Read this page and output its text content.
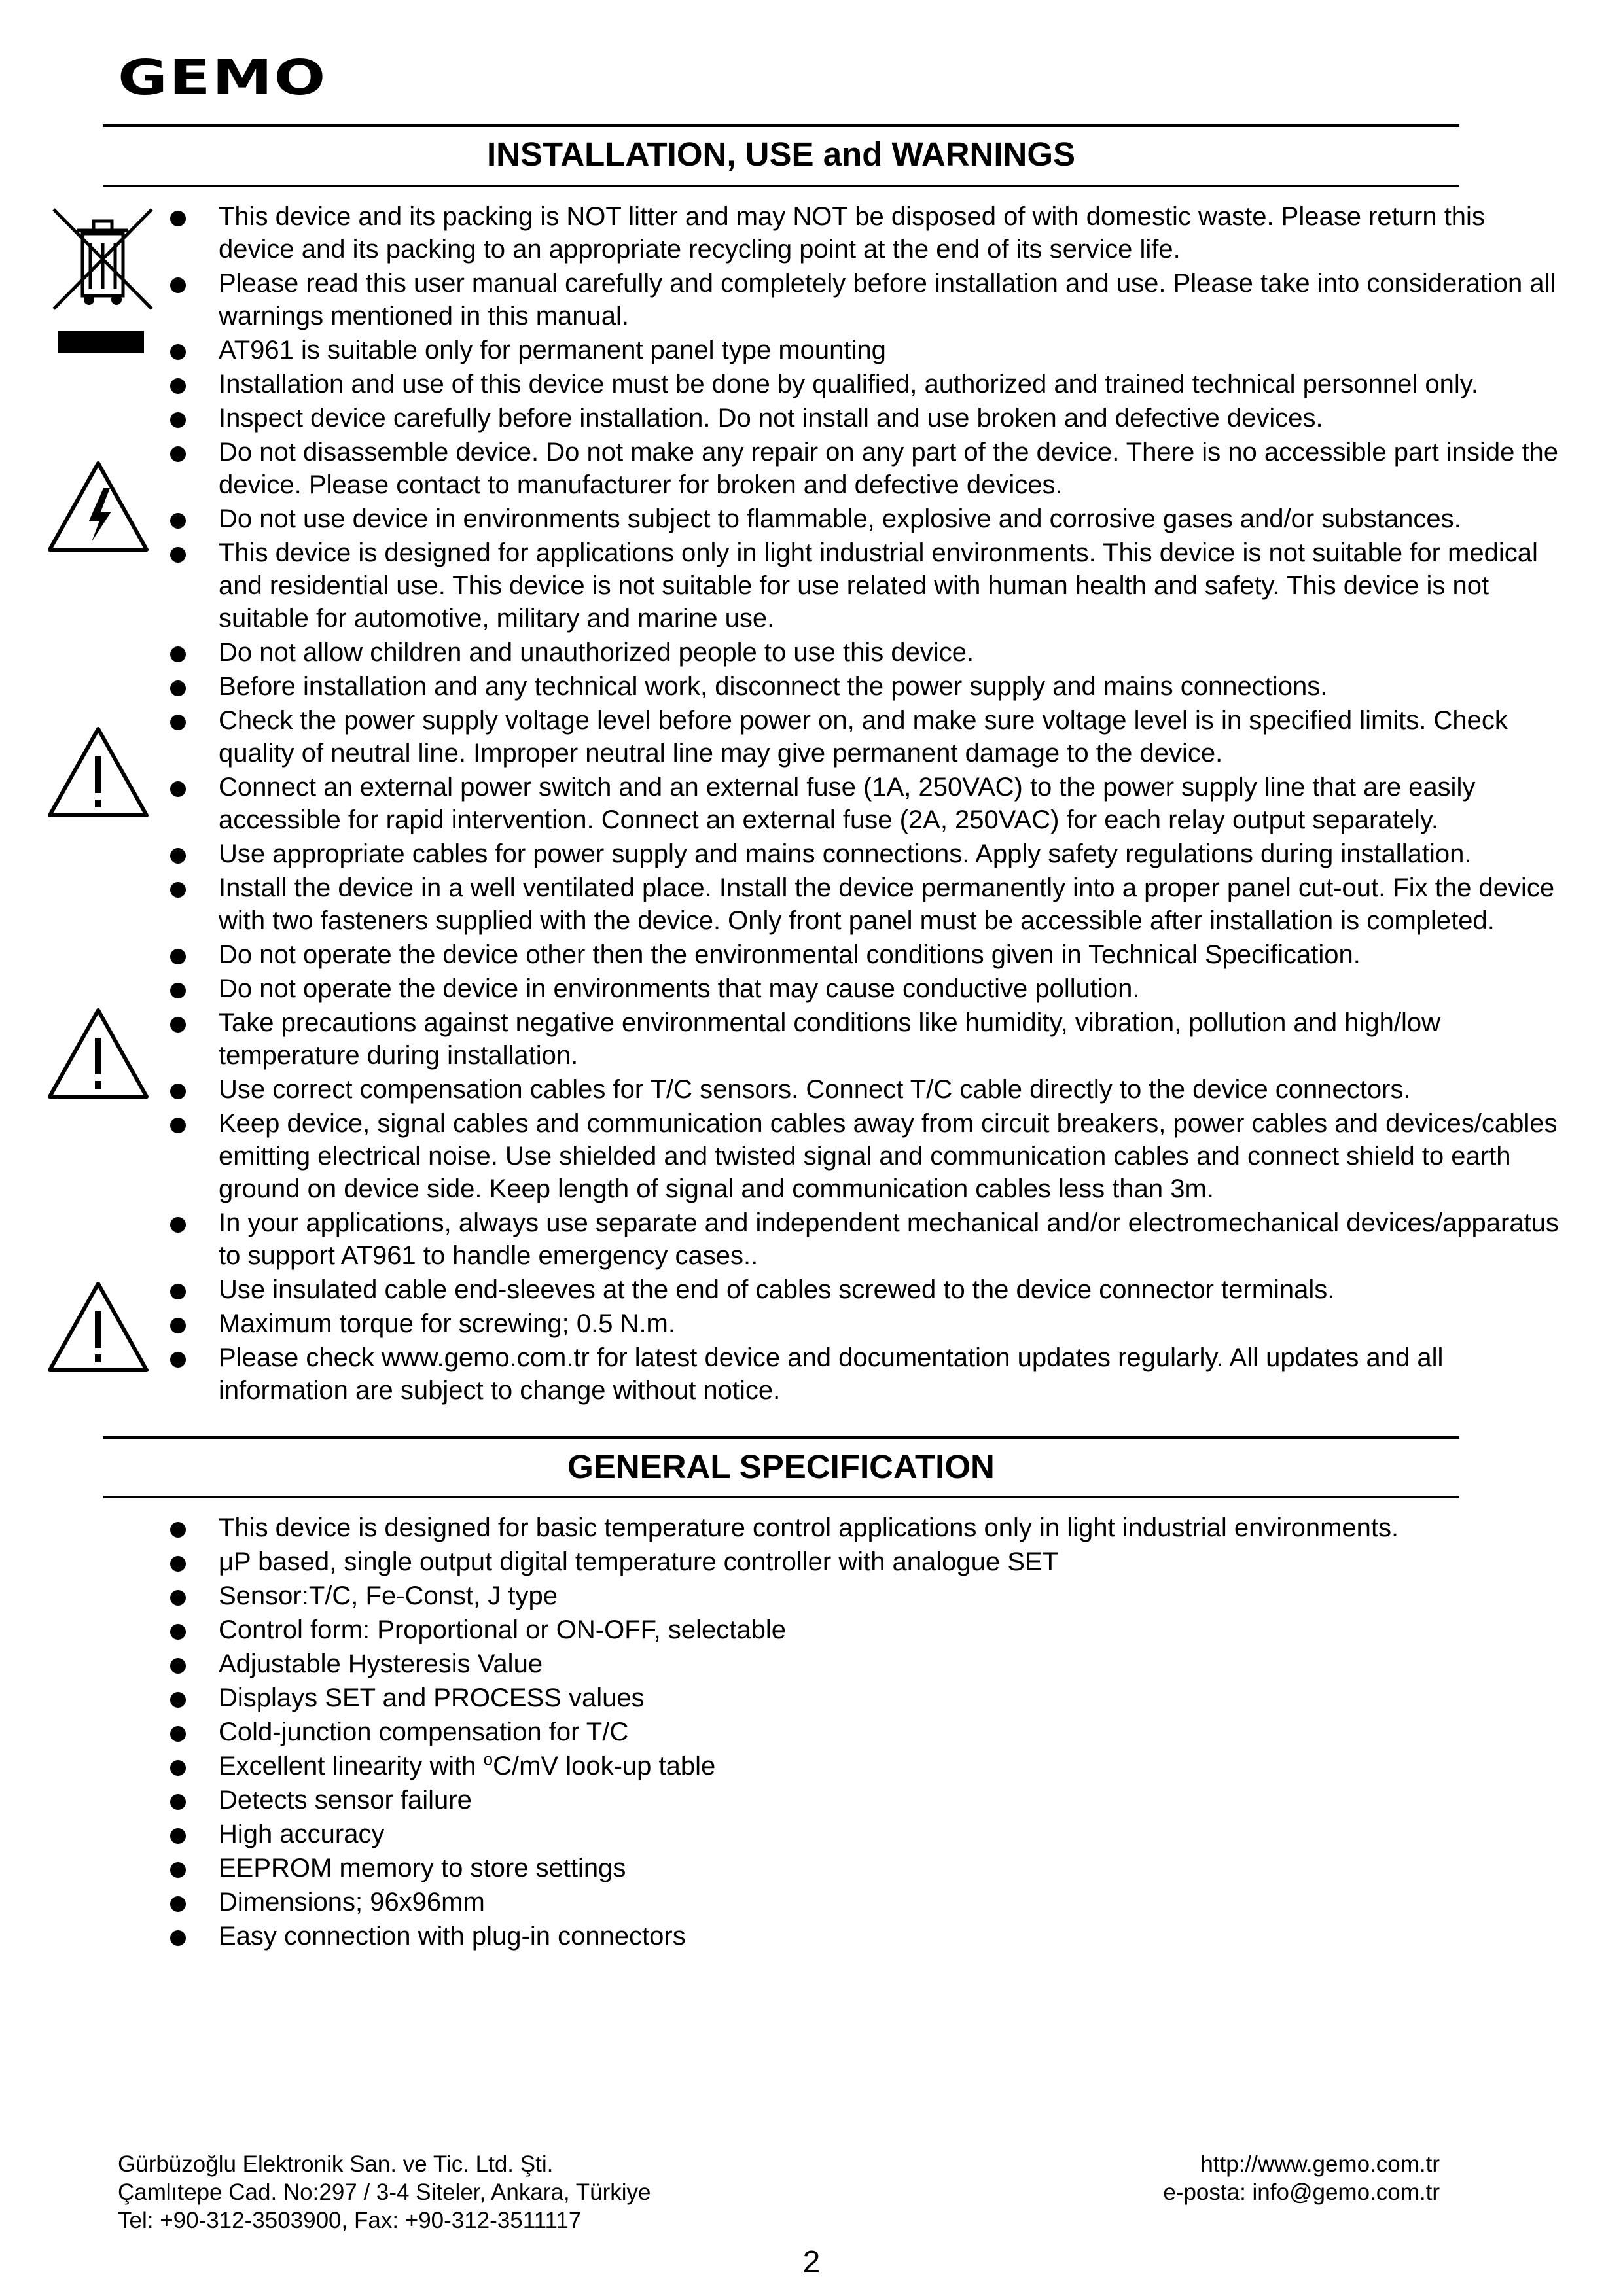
GEMO
INSTALLATION, USE and WARNINGS
This device and its packing is NOT litter and may NOT be disposed of with domestic waste. Please return this device and its packing to an appropriate recycling point at the end of its service life.
Please read this user manual carefully and completely before installation and use. Please take into consideration all warnings mentioned in this manual.
AT961 is suitable only for permanent panel type mounting
Installation and use of this device must be done by qualified, authorized and trained technical personnel only.
Inspect device carefully before installation. Do not install and use broken and defective devices.
Do not disassemble device. Do not make any repair on any part of the device. There is no accessible part inside the device. Please contact to manufacturer for broken and defective devices.
Do not use device in environments subject to flammable, explosive and corrosive gases and/or substances.
This device is designed for applications only in light industrial environments. This device is not suitable for medical and residential use. This device is not suitable for use related with human health and safety. This device is not suitable for automotive, military and marine use.
Do not allow children and unauthorized people to use this device.
Before installation and any technical work, disconnect the power supply and mains connections.
Check the power supply voltage level before power on, and make sure voltage level is in specified limits. Check quality of neutral line. Improper neutral line may give permanent damage to the device.
Connect an external power switch and an external fuse (1A, 250VAC) to the power supply line that are easily accessible for rapid intervention. Connect an external fuse (2A, 250VAC) for each relay output separately.
Use appropriate cables for power supply and mains connections. Apply safety regulations during installation.
Install the device in a well ventilated place. Install the device permanently into a proper panel cut-out. Fix the device with two fasteners supplied with the device. Only front panel must be accessible after installation is completed.
Do not operate the device other then the environmental conditions given in Technical Specification.
Do not operate the device in environments that may cause conductive pollution.
Take precautions against negative environmental conditions like humidity, vibration, pollution and high/low temperature during installation.
Use correct compensation cables for T/C sensors. Connect T/C cable directly to the device connectors.
Keep device, signal cables and communication cables away from circuit breakers, power cables and devices/cables emitting electrical noise. Use shielded and twisted signal and communication cables and connect shield to earth ground on device side. Keep length of signal and communication cables less than 3m.
In your applications, always use separate and independent mechanical and/or electromechanical devices/apparatus to support AT961 to handle emergency cases..
Use insulated cable end-sleeves at the end of cables screwed to the device connector terminals.
Maximum torque for screwing; 0.5 N.m.
Please check www.gemo.com.tr for latest device and documentation updates regularly. All updates and all information are subject to change without notice.
GENERAL SPECIFICATION
This device is designed for basic temperature control applications only in light industrial environments.
μP based, single output digital temperature controller with analogue SET
Sensor:T/C, Fe-Const, J type
Control form: Proportional or ON-OFF, selectable
Adjustable Hysteresis Value
Displays SET and PROCESS values
Cold-junction compensation for T/C
Excellent linearity with $^o$C/mV look-up table
Detects sensor failure
High accuracy
EEPROM memory to store settings
Dimensions; 96x96mm
Easy connection with plug-in connectors
Gürbüzoğlu Elektronik San. ve Tic. Ltd. Şti.
Çamlıtepe Cad. No:297 / 3-4 Siteler, Ankara, Türkiye
Tel: +90-312-3503900, Fax: +90-312-3511117
http://www.gemo.com.tr
e-posta: info@gemo.com.tr
2
